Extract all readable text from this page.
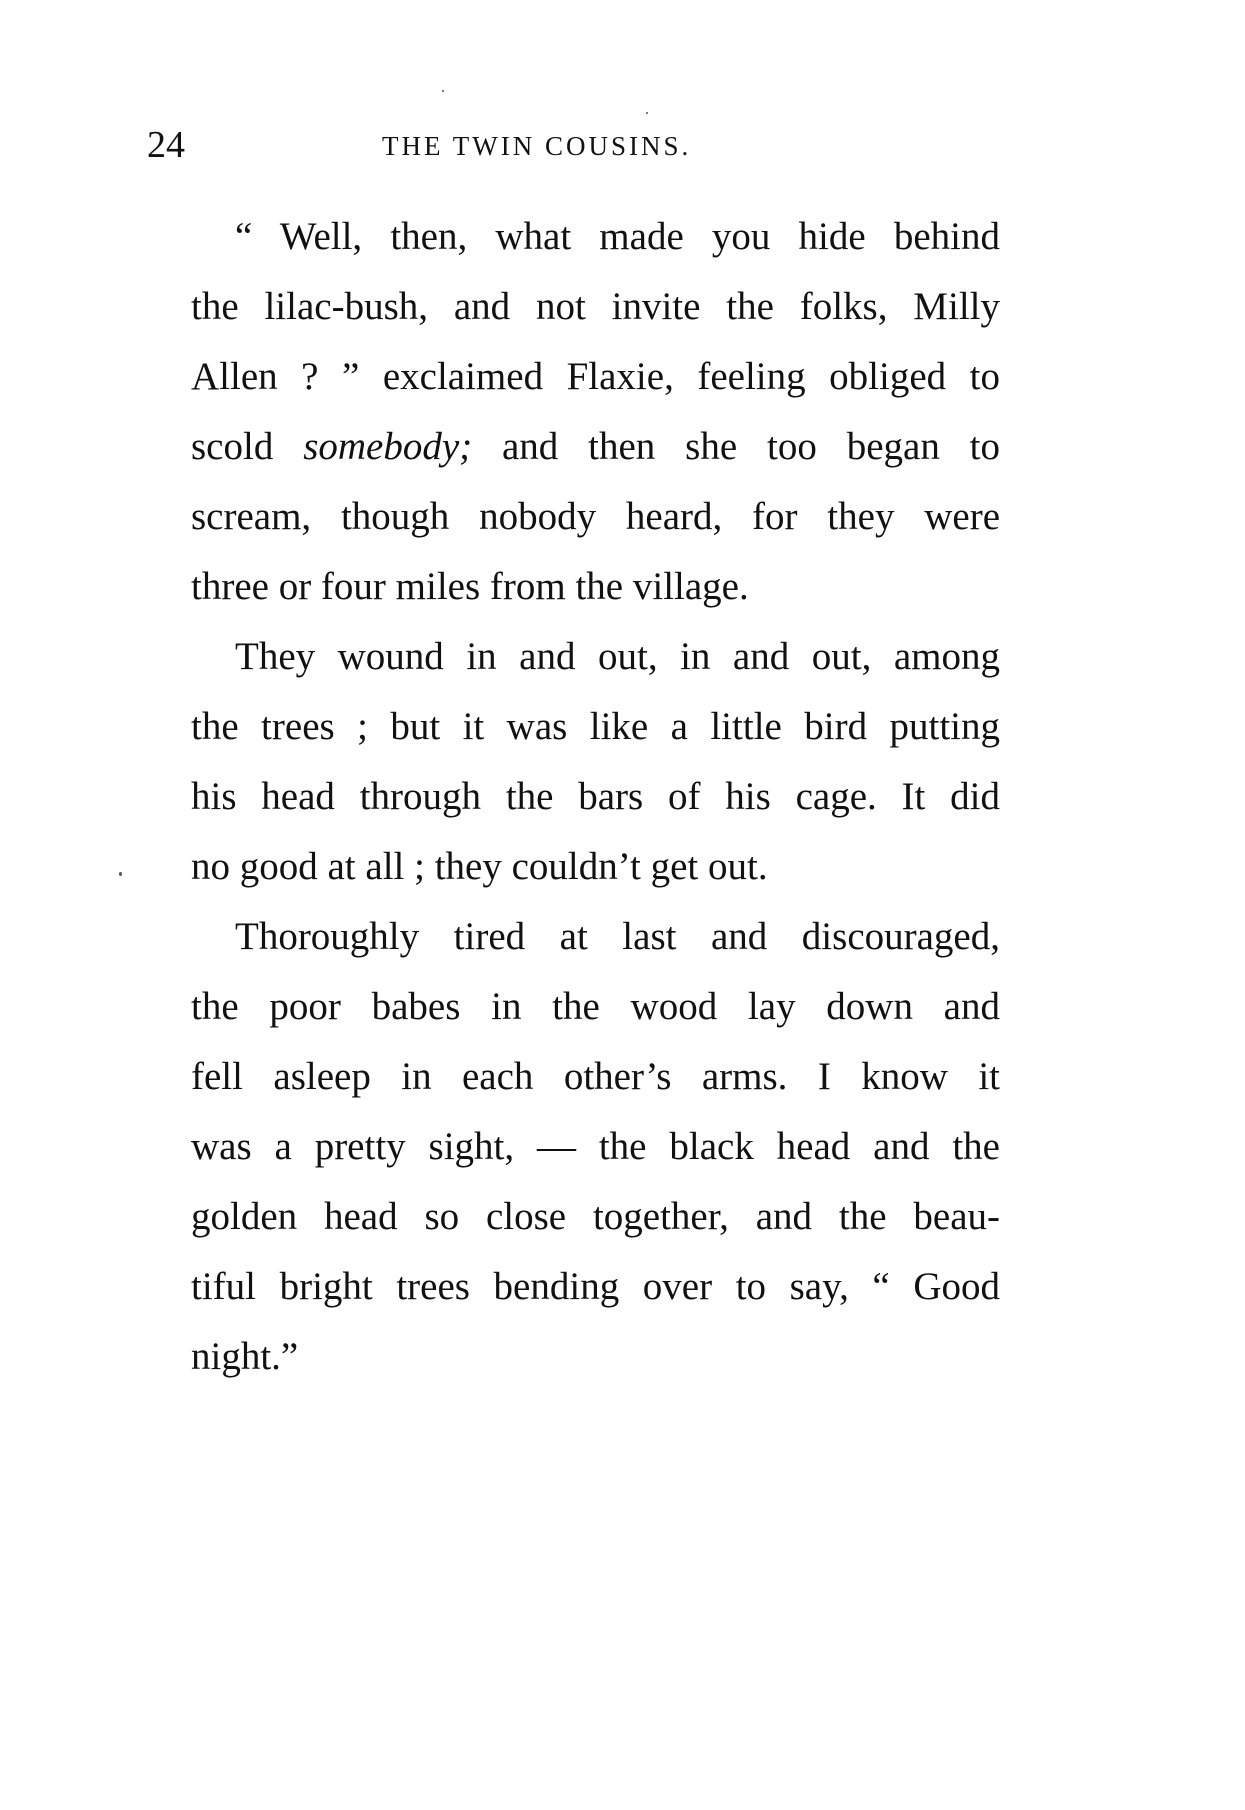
24	THE TWIN COUSINS.
“ Well, then, what made you hide behind
the lilac-bush, and not invite the folks, Milly
Allen ? ” exclaimed Flaxie, feeling obliged to
scold somebody; and then she too began to
scream, though nobody heard, for they were
three or four miles from the village.
They wound in and out, in and out, among
the trees ; but it was like a little bird putting
his head through the bars of his cage. It did
no good at all ; they couldn’t get out.
Thoroughly tired at last and discouraged,
the poor babes in the wood lay down and
fell asleep in each other’s arms. I know it
was a pretty sight, — the black head and the
golden head so close together, and the beau-
tiful bright trees bending over to say, “ Good
night.”
